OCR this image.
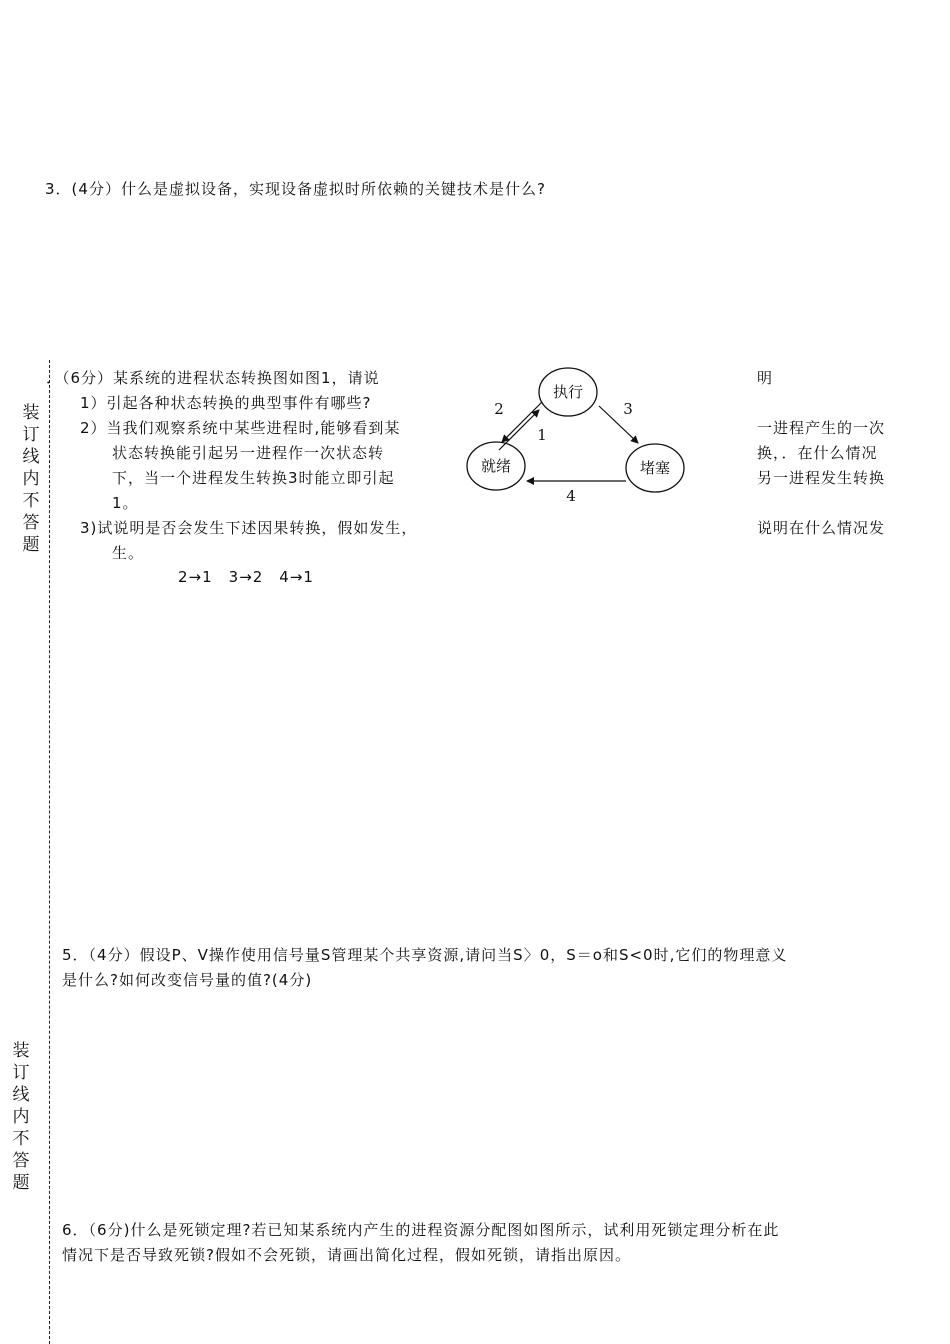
装订线内不答题
装订线内不答题
3．(4分）什么是虚拟设备，实现设备虚拟时所依赖的关键技术是什么?
．（6分）某系统的进程状态转换图如图1，请说	明
1）引起各种状态转换的典型事件有哪些?
2）当我们观察系统中某些进程时,能够看到某	一进程产生的一次
状态转换能引起另一进程作一次状态转	换，．在什么情况
下，当一个进程发生转换3时能立即引起	另一进程发生转换
1。
3)试说明是否会发生下述因果转换，假如发生，	说明在什么情况发
生。
2→1　3→2　4→1
执行
就绪	堵塞
2
1
3
4
5．（4分）假设P、V操作使用信号量S管理某个共享资源,请问当S〉0，S＝o和S<0时,它们的物理意义
是什么?如何改变信号量的值?(4分)
6．（6分)什么是死锁定理?若已知某系统内产生的进程资源分配图如图所示，试利用死锁定理分析在此
情况下是否导致死锁?假如不会死锁，请画出简化过程，假如死锁，请指出原因。
